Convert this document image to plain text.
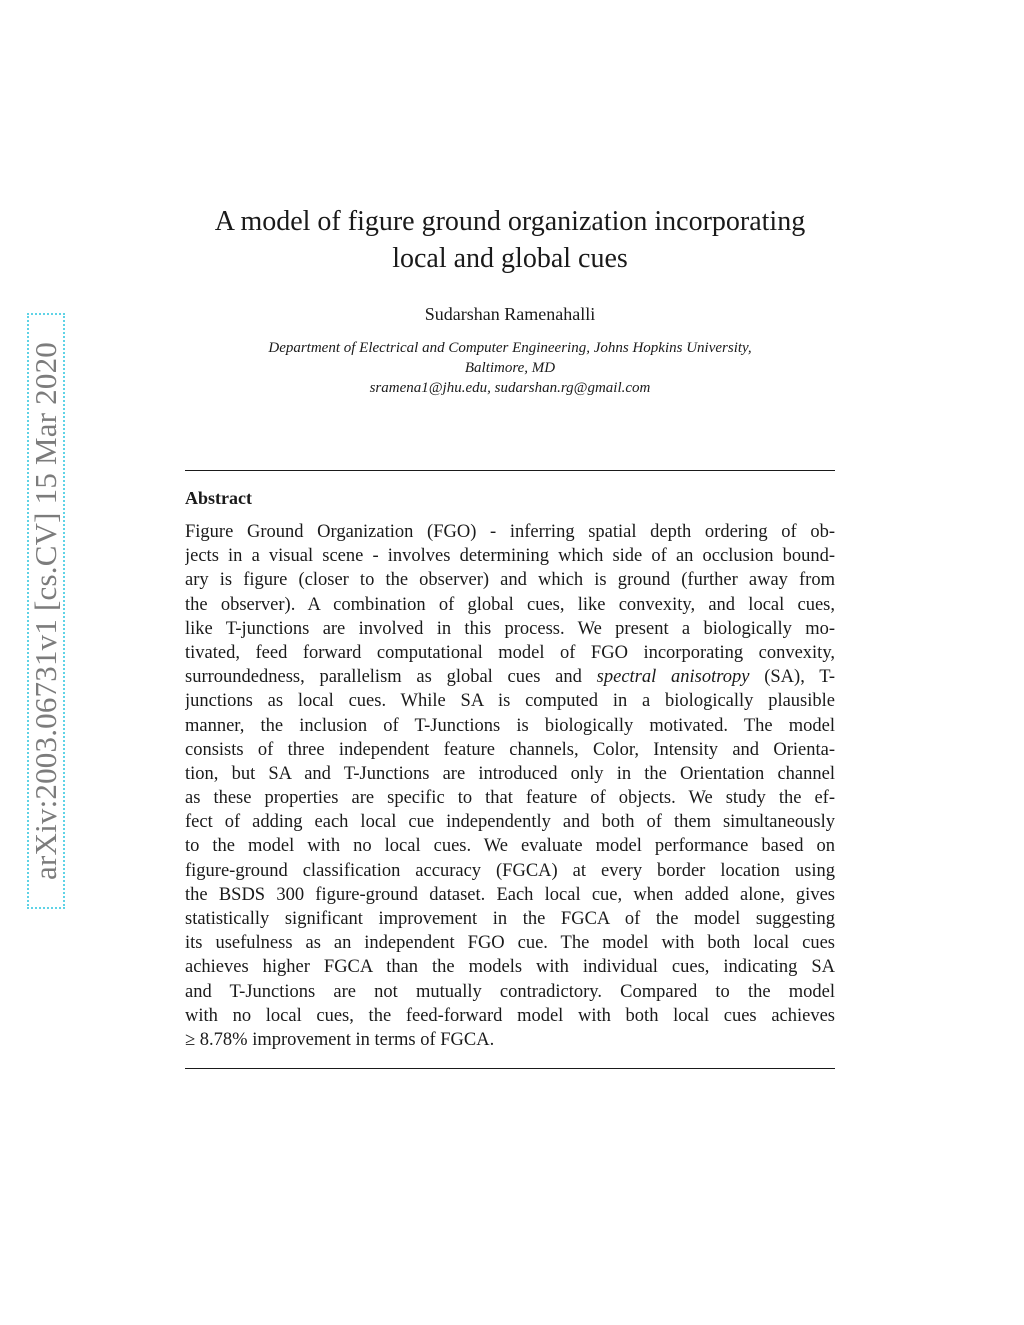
arXiv:2003.06731v1 [cs.CV] 15 Mar 2020
A model of figure ground organization incorporating
local and global cues
Sudarshan Ramenahalli
Department of Electrical and Computer Engineering, Johns Hopkins University,
Baltimore, MD
sramena1@jhu.edu, sudarshan.rg@gmail.com
Abstract
Figure Ground Organization (FGO) - inferring spatial depth ordering of ob-
jects in a visual scene - involves determining which side of an occlusion bound-
ary is figure (closer to the observer) and which is ground (further away from
the observer). A combination of global cues, like convexity, and local cues,
like T-junctions are involved in this process. We present a biologically mo-
tivated, feed forward computational model of FGO incorporating convexity,
surroundedness, parallelism as global cues and spectral anisotropy (SA), T-
junctions as local cues. While SA is computed in a biologically plausible
manner, the inclusion of T-Junctions is biologically motivated. The model
consists of three independent feature channels, Color, Intensity and Orienta-
tion, but SA and T-Junctions are introduced only in the Orientation channel
as these properties are specific to that feature of objects. We study the ef-
fect of adding each local cue independently and both of them simultaneously
to the model with no local cues. We evaluate model performance based on
figure-ground classification accuracy (FGCA) at every border location using
the BSDS 300 figure-ground dataset. Each local cue, when added alone, gives
statistically significant improvement in the FGCA of the model suggesting
its usefulness as an independent FGO cue. The model with both local cues
achieves higher FGCA than the models with individual cues, indicating SA
and T-Junctions are not mutually contradictory. Compared to the model
with no local cues, the feed-forward model with both local cues achieves
≥ 8.78% improvement in terms of FGCA.
